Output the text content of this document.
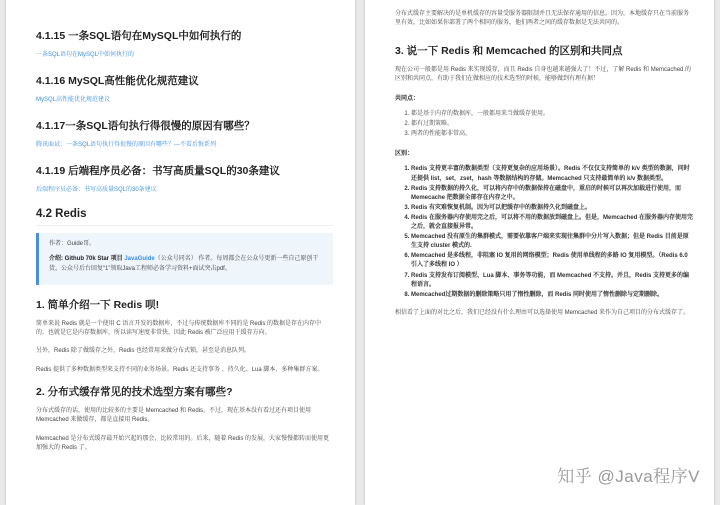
4.1.15 一条SQL语句在MySQL中如何执行的
一条SQL语句在MySQL中如何执行的
4.1.16 MySQL高性能优化规范建议
MySQL高性能优化规范建议
4.1.17一条SQL语句执行得很慢的原因有哪些？
腾讯面试：一条SQL语句执行得很慢的原因有哪些？---不看后悔系列
4.1.19 后端程序员必备：书写高质量SQL的30条建议
后端程序员必备：书写高质量SQL的30条建议
4.2 Redis
作者：Guide哥。
介绍: Github 70k Star 项目 JavaGuide（公众号同名） 作者。每周都会在公众号更新一些自己原创干货。公众号后台回复“1”领取Java工程师必备学习资料+面试突击pdf。
1. 简单介绍一下 Redis 呗!
简单来说 Redis 就是一个使用 C 语言开发的数据库，不过与传统数据库不同的是 Redis 的数据是存在内存中的，也就是它是内存数据库，所以读写速度非常快，因此 Redis 被广泛应用于缓存方向。
另外，Redis 除了做缓存之外，Redis 也经常用来做分布式锁，甚至是消息队列。
Redis 提供了多种数据类型来支持不同的业务场景。Redis 还支持事务 、持久化、Lua 脚本、多种集群方案。
2. 分布式缓存常见的技术选型方案有哪些?
分布式缓存的话，使用的比较多的主要是 Memcached 和 Redis。不过，现在基本没有看过还有项目使用 Memcached 来做缓存，都是直接用 Redis。
Memcached 是分布式缓存最开始兴起的那会，比较常用的。后来，随着 Redis 的发展，大家慢慢都转而使用更加强大的 Redis 了。
分布式缓存主要解决的是单机缓存的容量受服务器限制并且无法保存通用的信息。因为，本地缓存只在当前服务里有效，比如如果你部署了两个相同的服务，他们两者之间的缓存数据是无法共同的。
3. 说一下 Redis 和 Memcached 的区别和共同点
现在公司一般都是用 Redis 来实现缓存，而且 Redis 自身也越来越强大了！不过，了解 Redis 和 Memcached 的区别和共同点，有助于我们在做相应的技术选型的时候，能够做到有理有据！
共同点：
1. 都是基于内存的数据库，一般都用来当做缓存使用。
2. 都有过期策略。
3. 两者的性能都非常高。
区别：
1. Redis 支持更丰富的数据类型（支持更复杂的应用场景）。Redis 不仅仅支持简单的 k/v 类型的数据，同时还提供 list，set，zset，hash 等数据结构的存储。Memcached 只支持最简单的 k/v 数据类型。
2. Redis 支持数据的持久化，可以将内存中的数据保持在磁盘中，重启的时候可以再次加载进行使用，而 Memecache 把数据全部存在内存之中。
3. Redis 有灾难恢复机制。因为可以把缓存中的数据持久化到磁盘上。
4. Redis 在服务器内存使用完之后，可以将不用的数据放到磁盘上。但是，Memcached 在服务器内存使用完之后，就会直接报异常。
5. Memcached 没有原生的集群模式，需要依靠客户端来实现往集群中分片写入数据；但是 Redis 目前是原生支持 cluster 模式的.
6. Memcached 是多线程，非阻塞 IO 复用的网络模型；Redis 使用单线程的多路 IO 复用模型。（Redis 6.0 引入了多线程 IO ）
7. Redis 支持发布订阅模型、Lua 脚本、事务等功能，而 Memcached 不支持。并且，Redis 支持更多的编程语言。
8. Memcached过期数据的删除策略只用了惰性删除，而 Redis 同时使用了惰性删除与定期删除。
相信看了上面的对比之后，我们已经没有什么理由可以选择使用 Memcached 来作为自己项目的分布式缓存了。
知乎 @Java程序V
